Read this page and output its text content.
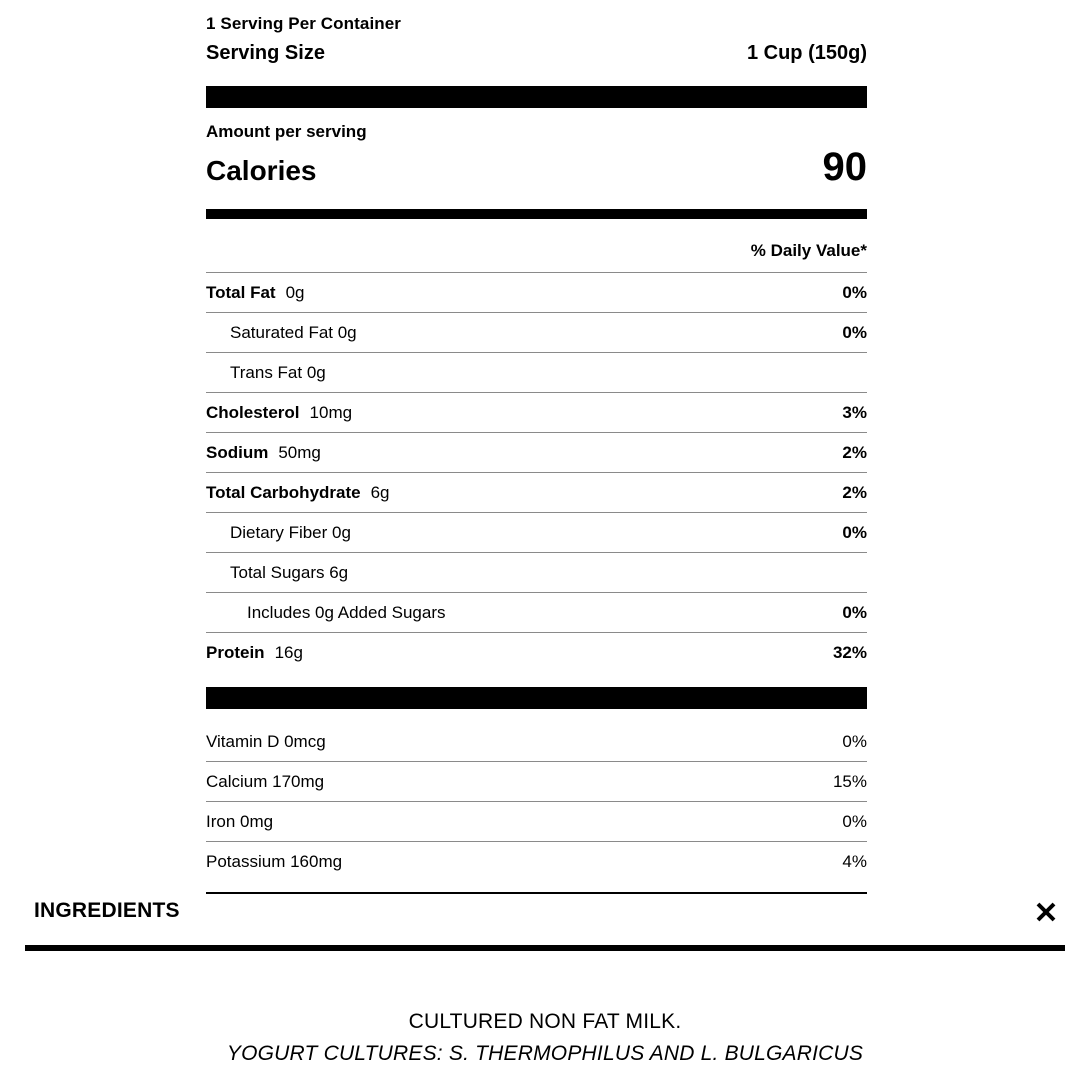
1 Serving Per Container
Serving Size	1 Cup (150g)
Amount per serving
Calories	90
% Daily Value*
Total Fat 0g	0%
Saturated Fat 0g	0%
Trans Fat 0g
Cholesterol 10mg	3%
Sodium 50mg	2%
Total Carbohydrate 6g	2%
Dietary Fiber 0g	0%
Total Sugars 6g
Includes 0g Added Sugars	0%
Protein 16g	32%
Vitamin D 0mcg	0%
Calcium 170mg	15%
Iron 0mg	0%
Potassium 160mg	4%
INGREDIENTS
CULTURED NON FAT MILK.
YOGURT CULTURES: S. THERMOPHILUS AND L. BULGARICUS
